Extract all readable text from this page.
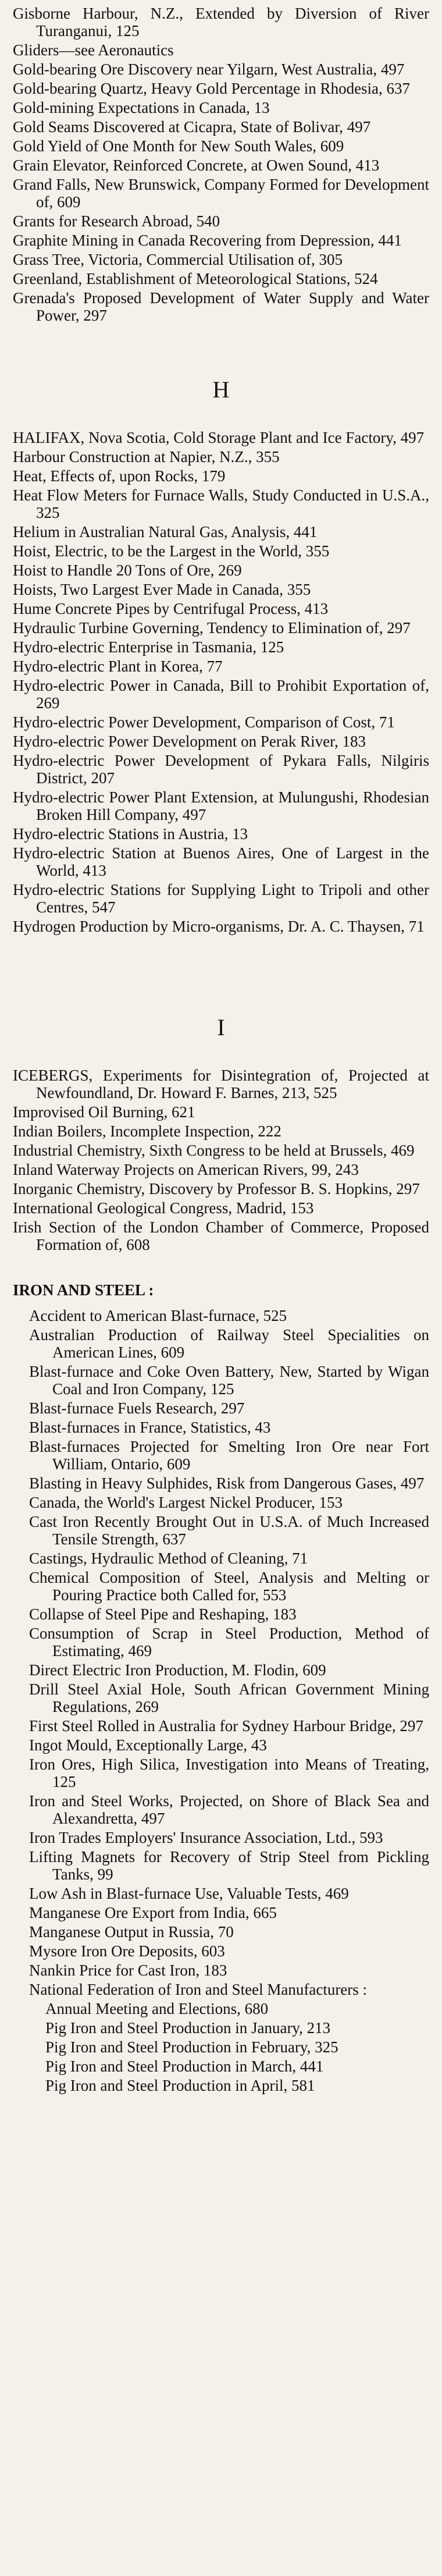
Gisborne Harbour, N.Z., Extended by Diversion of River Turanganui, 125

Gliders—see Aeronautics

Gold-bearing Ore Discovery near Yilgarn, West Australia, 497

Gold-bearing Quartz, Heavy Gold Percentage in Rhodesia, 637

Gold-mining Expectations in Canada, 13

Gold Seams Discovered at Cicapra, State of Bolivar, 497

Gold Yield of One Month for New South Wales, 609

Grain Elevator, Reinforced Concrete, at Owen Sound, 413

Grand Falls, New Brunswick, Company Formed for Development of, 609

Grants for Research Abroad, 540

Graphite Mining in Canada Recovering from Depression, 441

Grass Tree, Victoria, Commercial Utilisation of, 305

Greenland, Establishment of Meteorological Stations, 524

Grenada's Proposed Development of Water Supply and Water Power, 297

H

HALIFAX, Nova Scotia, Cold Storage Plant and Ice Factory, 497

Harbour Construction at Napier, N.Z., 355

Heat, Effects of, upon Rocks, 179

Heat Flow Meters for Furnace Walls, Study Conducted in U.S.A., 325

Helium in Australian Natural Gas, Analysis, 441

Hoist, Electric, to be the Largest in the World, 355

Hoist to Handle 20 Tons of Ore, 269

Hoists, Two Largest Ever Made in Canada, 355

Hume Concrete Pipes by Centrifugal Process, 413

Hydraulic Turbine Governing, Tendency to Elimination of, 297

Hydro-electric Enterprise in Tasmania, 125

Hydro-electric Plant in Korea, 77

Hydro-electric Power in Canada, Bill to Prohibit Exportation of, 269

Hydro-electric Power Development, Comparison of Cost, 71

Hydro-electric Power Development on Perak River, 183

Hydro-electric Power Development of Pykara Falls, Nilgiris District, 207

Hydro-electric Power Plant Extension, at Mulungushi, Rhodesian Broken Hill Company, 497

Hydro-electric Stations in Austria, 13

Hydro-electric Station at Buenos Aires, One of Largest in the World, 413

Hydro-electric Stations for Supplying Light to Tripoli and other Centres, 547

Hydrogen Production by Micro-organisms, Dr. A. C. Thaysen, 71

I

ICEBERGS, Experiments for Disintegration of, Projected at Newfoundland, Dr. Howard F. Barnes, 213, 525

Improvised Oil Burning, 621

Indian Boilers, Incomplete Inspection, 222

Industrial Chemistry, Sixth Congress to be held at Brussels, 469

Inland Waterway Projects on American Rivers, 99, 243

Inorganic Chemistry, Discovery by Professor B. S. Hopkins, 297

International Geological Congress, Madrid, 153

Irish Section of the London Chamber of Commerce, Proposed Formation of, 608

IRON AND STEEL :

Accident to American Blast-furnace, 525

Australian Production of Railway Steel Specialities on American Lines, 609

Blast-furnace and Coke Oven Battery, New, Started by Wigan Coal and Iron Company, 125

Blast-furnace Fuels Research, 297

Blast-furnaces in France, Statistics, 43

Blast-furnaces Projected for Smelting Iron Ore near Fort William, Ontario, 609

Blasting in Heavy Sulphides, Risk from Dangerous Gases, 497

Canada, the World's Largest Nickel Producer, 153

Cast Iron Recently Brought Out in U.S.A. of Much Increased Tensile Strength, 637

Castings, Hydraulic Method of Cleaning, 71

Chemical Composition of Steel, Analysis and Melting or Pouring Practice both Called for, 553

Collapse of Steel Pipe and Reshaping, 183

Consumption of Scrap in Steel Production, Method of Estimating, 469

Direct Electric Iron Production, M. Flodin, 609

Drill Steel Axial Hole, South African Government Mining Regulations, 269

First Steel Rolled in Australia for Sydney Harbour Bridge, 297

Ingot Mould, Exceptionally Large, 43

Iron Ores, High Silica, Investigation into Means of Treating, 125

Iron and Steel Works, Projected, on Shore of Black Sea and Alexandretta, 497

Iron Trades Employers' Insurance Association, Ltd., 593

Lifting Magnets for Recovery of Strip Steel from Pickling Tanks, 99

Low Ash in Blast-furnace Use, Valuable Tests, 469

Manganese Ore Export from India, 665

Manganese Output in Russia, 70

Mysore Iron Ore Deposits, 603

Nankin Price for Cast Iron, 183

National Federation of Iron and Steel Manufacturers :

Annual Meeting and Elections, 680

Pig Iron and Steel Production in January, 213

Pig Iron and Steel Production in February, 325

Pig Iron and Steel Production in March, 441

Pig Iron and Steel Production in April, 581
